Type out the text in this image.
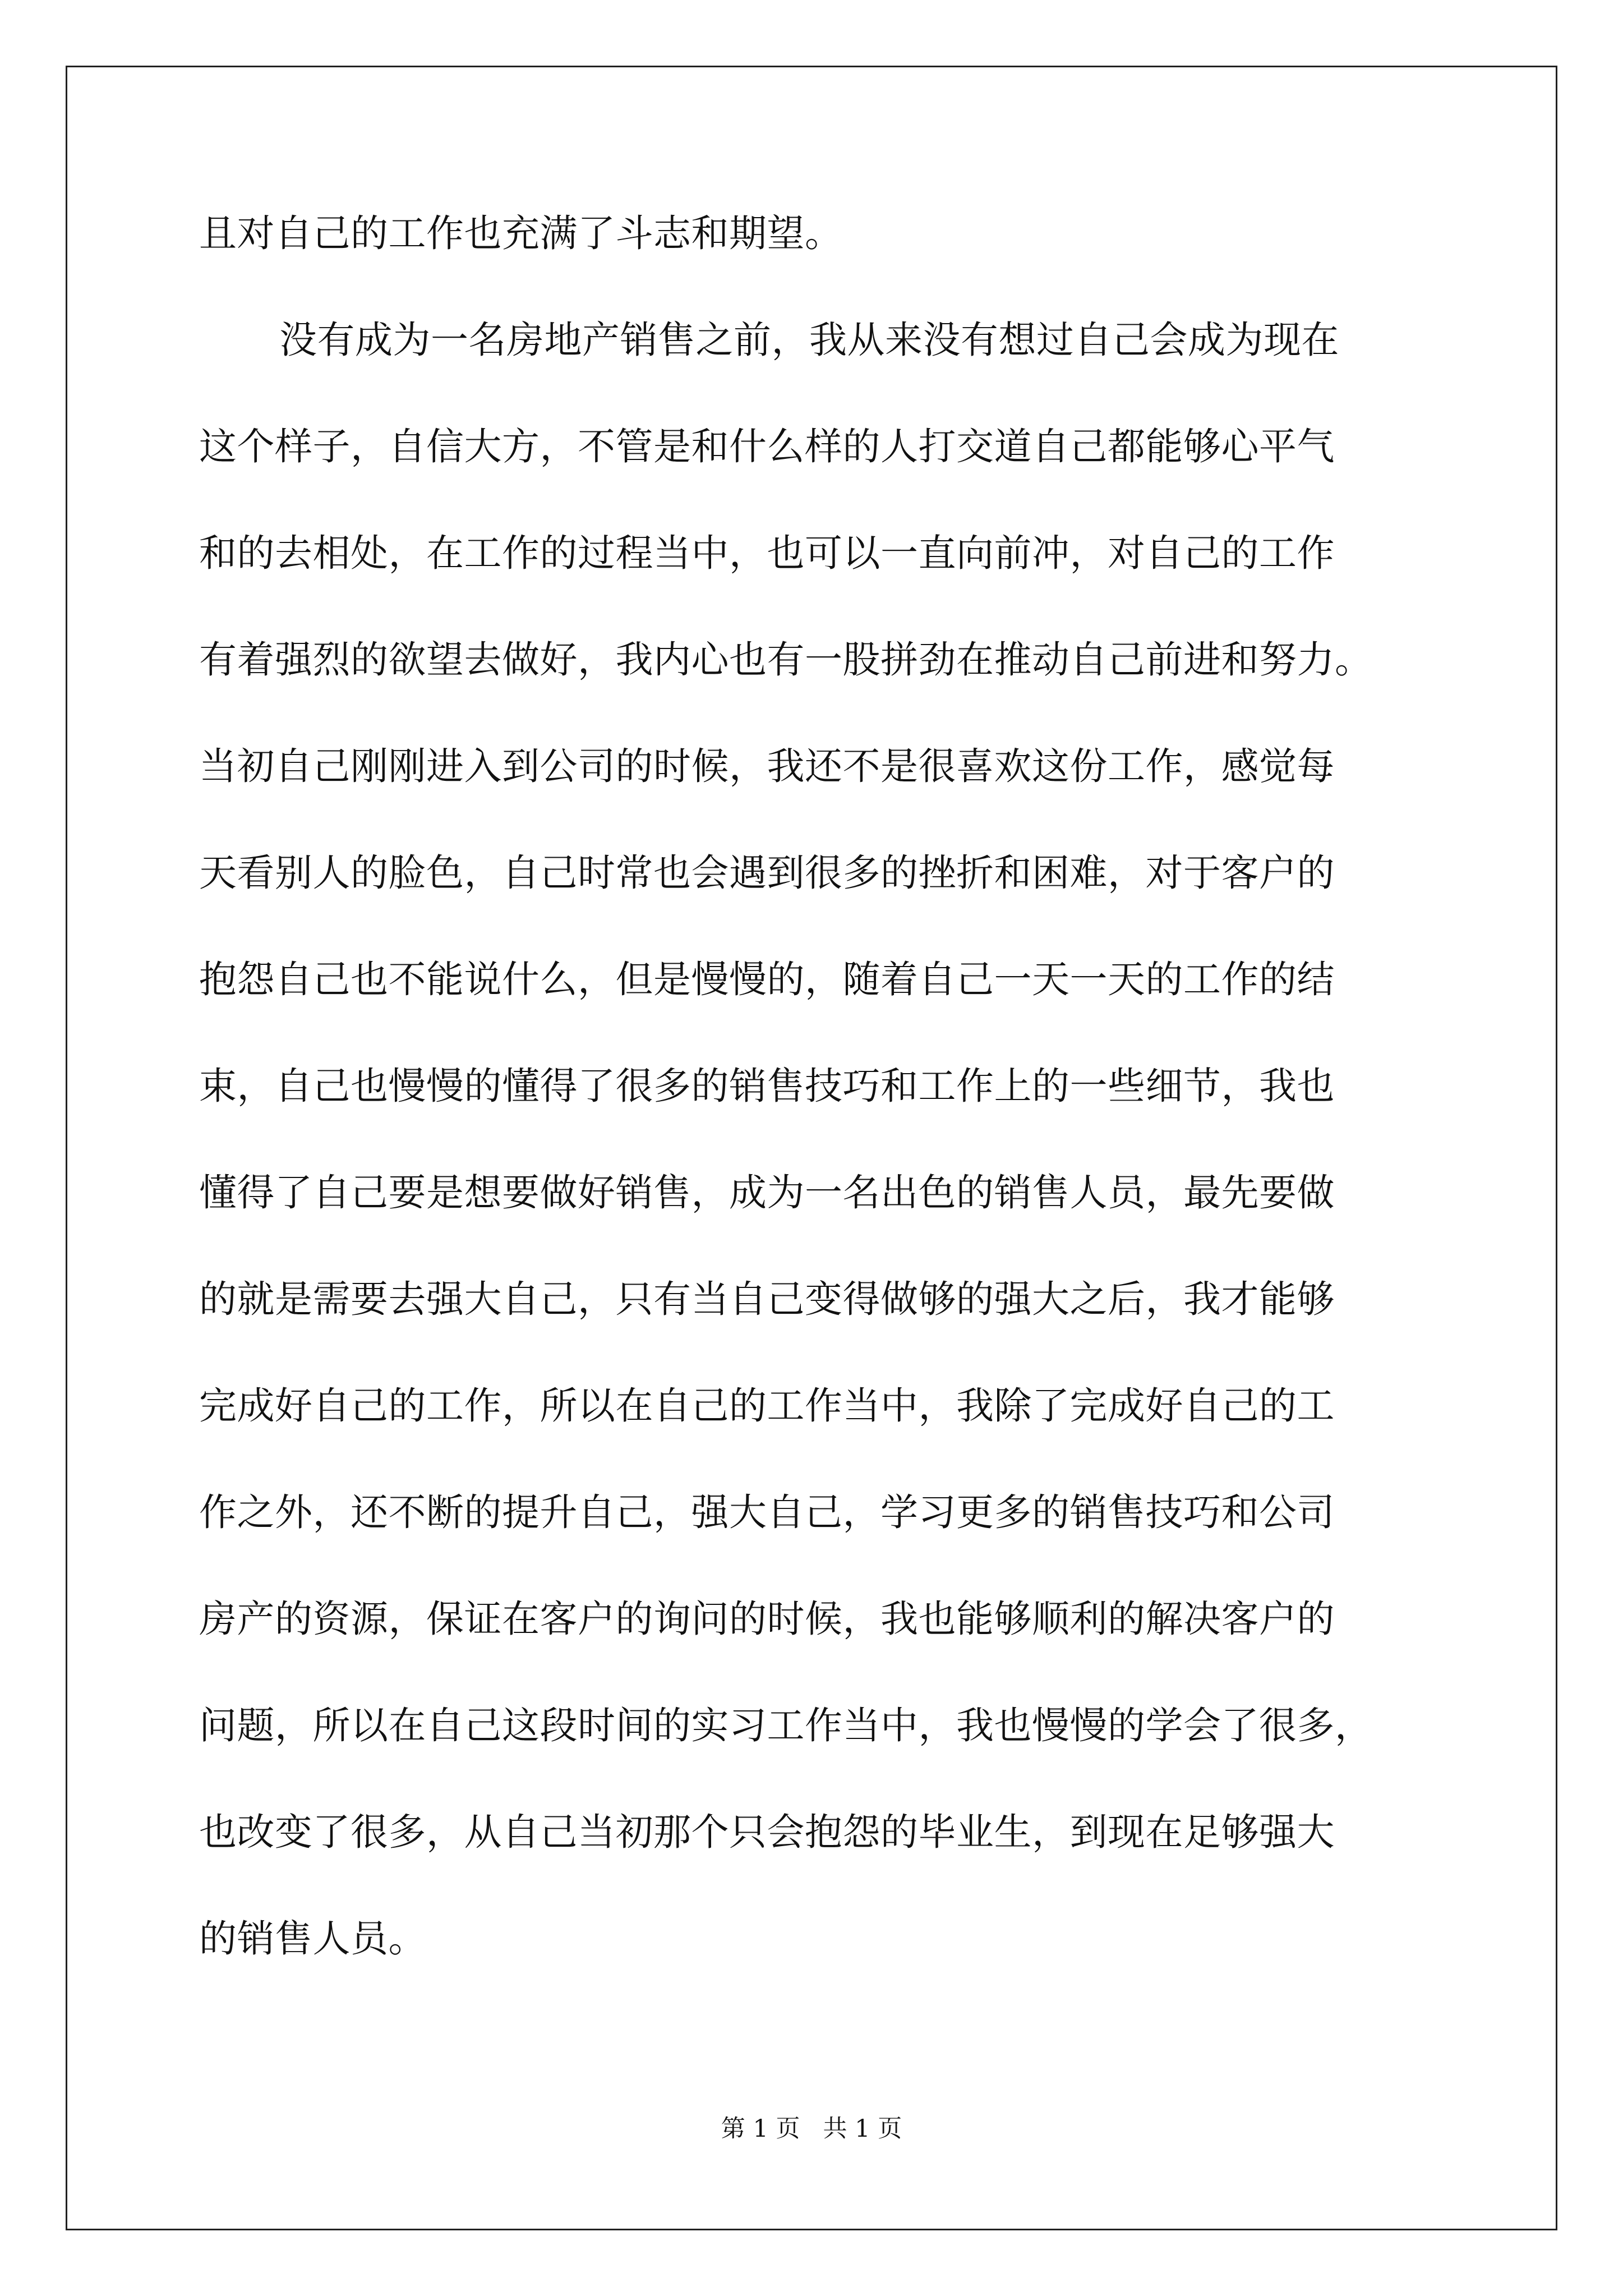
且对自己的工作也充满了斗志和期望。
没有成为一名房地产销售之前，我从来没有想过自己会成为现在
这个样子，自信大方，不管是和什么样的人打交道自己都能够心平气
和的去相处，在工作的过程当中，也可以一直向前冲，对自己的工作
有着强烈的欲望去做好，我内心也有一股拼劲在推动自己前进和努力。
当初自己刚刚进入到公司的时候，我还不是很喜欢这份工作，感觉每
天看别人的脸色，自己时常也会遇到很多的挫折和困难，对于客户的
抱怨自己也不能说什么，但是慢慢的，随着自己一天一天的工作的结
束，自己也慢慢的懂得了很多的销售技巧和工作上的一些细节，我也
懂得了自己要是想要做好销售，成为一名出色的销售人员，最先要做
的就是需要去强大自己，只有当自己变得做够的强大之后，我才能够
完成好自己的工作，所以在自己的工作当中，我除了完成好自己的工
作之外，还不断的提升自己，强大自己，学习更多的销售技巧和公司
房产的资源，保证在客户的询问的时候，我也能够顺利的解决客户的
问题，所以在自己这段时间的实习工作当中，我也慢慢的学会了很多，
也改变了很多，从自己当初那个只会抱怨的毕业生，到现在足够强大
的销售人员。
第 1 页   共 1 页
